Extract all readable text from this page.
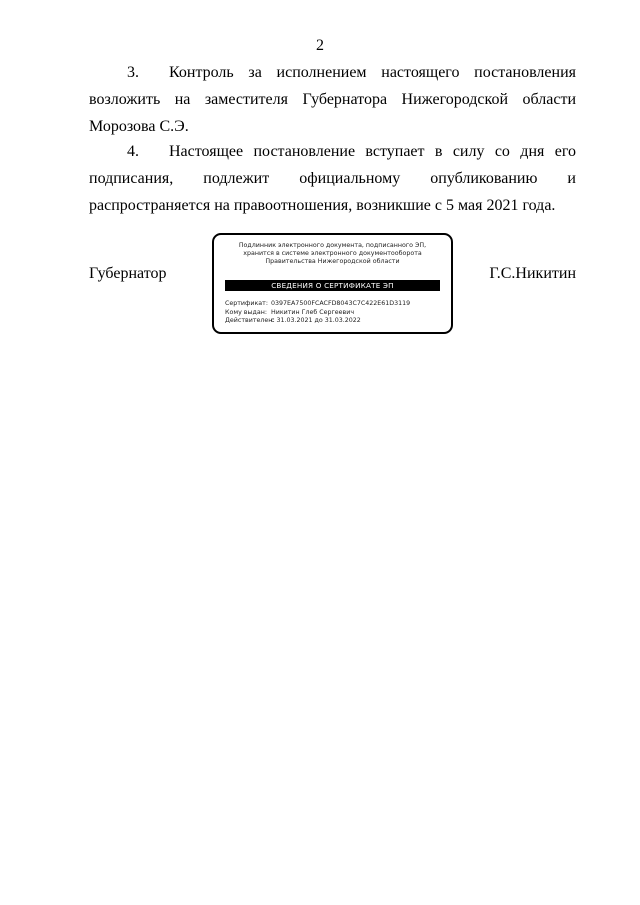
2

3. Контроль за исполнением настоящего постановления
возложить на заместителя Губернатора Нижегородской области Морозова С.Э.

4. Настоящее постановление вступает в силу со дня его
подписания, подлежит официальному опубликованию и распространяется на правоотношения, возникшие с 5 мая 2021 года.

Губернатор	Г.С.Никитин
Подлинник электронного документа, подписанного ЭП,
хранится в системе электронного документооборота
Правительства Нижегородской области
СВЕДЕНИЯ О СЕРТИФИКАТЕ ЭП
Сертификат: 0397EA7500FCACFD8043C7C422E61D3119
Кому выдан: Никитин Глеб Сергеевич
Действителен:с 31.03.2021 до 31.03.2022
